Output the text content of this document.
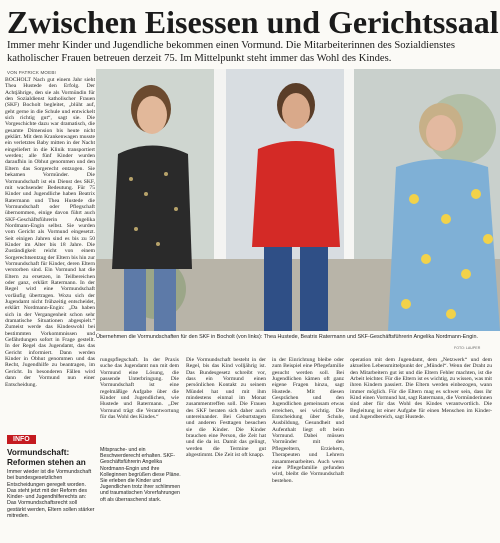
Zwischen Eisessen und Gerichtssaal

Immer mehr Kinder und Jugendliche bekommen einen Vormund. Die Mitarbeiterinnen des Sozialdienstes katholischer Frauen betreuen derzeit 75. Im Mittelpunkt steht immer das Wohl des Kindes.

VON PATRICK MOEBI
BOCHOLT Nach gut einem Jahr sieht Thea Hustede den Erfolg. Der Achtjährige, den sie als Vormündin für den Sozialdienst katholischer Frauen (SKF) Bocholt begleitet, „blüht auf, geht gerne in die Schule und entwickelt sich richtig gut“, sagt sie. Die Vorgeschichte dazu war dramatisch, die gesamte Dimension bis heute nicht geklärt. Mit dem Krankenwagen musste ein verletztes Baby mitten in der Nacht eingeliefert in die Klinik transportiert werden; alle fünf Kinder wurden daraufhin in Obhut genommen und den Eltern das Sorgerecht entzogen. Sie bekamen Vormünder. Die Vormundschaft ist ein Dienst des SKF, mit wachsender Bedeutung. Für 75 Kinder und Jugendliche haben Beatrix Ratermann und Thea Hustede die Vormundschaft oder Pflegschaft übernommen, einige davon führt auch SKF-Geschäftsführerin Angelika Nordmann-Engin selbst. Sie wurden vom Gericht als Vormund eingesetzt. Seit einigen Jahren sind es bis zu 50 Kinder im Alter bis 18 Jahre. Die Zuständigkeit reicht von einem Sorgerechtsentzug der Eltern bis hin zur Vormundschaft für Kinder, deren Eltern verstorben sind. Ein Vormund hat die Eltern zu ersetzen, in Teilbereichen oder ganz, erklärt Ratermann. In der Regel wird eine Vormundschaft vorläufig übertragen. Wozu sich der Jugendamt nicht frühzeitig entscheidet, erklärt Nordmann-Engin: „Da haben sich in der Vergangenheit schon sehr dramatische Situationen abgespielt.“ Zumeist werde das Kindeswohl bei bestimmten Vorkommnissen und Gefährdungen sofort in Frage gestellt. In der Regel das Jugendamt, das das Gericht informiert. Dann werden Kinder in Obhut genommen und das Recht, Jugendhilfe zu beantragen, im Gericht. In besonderen Fällen wird dann der Vormund nun einer Entscheidung.

Übernehmen die Vormundschaften für den SKF in Bocholt (von links): Thea Hustede, Beatrix Ratermann und SKF-Geschäftsführerin Angelika Nordmann-Engin.

FOTO: LAUPER
rungspflegschaft. In der Praxis suche das Jugendamt nun mit dem Vormund eine Lösung, die passende Unterbringung. Die Vormundschaft ist eine regelmäßige Aufgabe über die Kinder und Jugendlichen, wie Hustede und Ratermann. „Der Vormund trägt die Verantwortung für das Wohl des Kindes.“
Die Vormundschaft besteht in der Regel, bis das Kind volljährig ist. Das Bundesgesetz schreibt vor, dass ein Vormund einen persönlichen Kontakt zu seinem Mündel hat und mit ihm mindestens einmal im Monat zusammentreffen soll. Die Frauen des SKF beraten sich daher auch untereinander. Bei Geburtstagen und anderen Festtagen besuchen sie die Kinder. Die Kinder brauchen eine Person, die Zeit hat und die da ist. Damit das gelingt, werden die Termine gut abgestimmt. Die Zeit ist oft knapp.
in der Einrichtung bleibe oder zum Beispiel eine Pflegefamilie gesucht werden soll. Bei Jugendlichen kämen oft ganz eigene Fragen hinzu, sagt Hustede. Mit diesen Gesprächen und den Jugendlichen gemeinsam etwas erreichen, sei wichtig. Die Entscheidung über Schule, Ausbildung, Gesundheit und Aufenthalt liegt oft beim Vormund. Dabei müssen Vormünder mit den Pflegeeltern, Erziehern, Therapeuten und Lehrern zusammenarbeiten. Auch wenn eine Pflegefamilie gefunden wird, bleibt die Vormundschaft bestehen.
operation mit dem Jugendamt, dem „Netzwerk“ und dem aktuellen Lebensmittelpunkt der „Mündel“. Wenn der Draht zu den Mitarbeitern gut ist und die Eltern Fehler machten, ist die Arbeit leichter. Für die Eltern ist es wichtig, zu wissen, was mit ihren Kindern passiert. Die Eltern werden einbezogen, wann immer möglich. Für die Eltern mag es schwer sein, dass ihr Kind einen Vormund hat, sagt Ratermann, die Vormünderinnen sind aber für das Wohl des Kindes verantwortlich. Die Begleitung ist einer Aufgabe für einen Menschen im Kinder- und Jugendbereich, sagt Hustede.
INFO
Vormundschaft: Reformen stehen an

Immer wieder ist die Vormundschaft bei bundesgesetzlichen Entscheidungen geregelt worden. Das steht jetzt mit der Reform des Kinder- und Jugendhilferechts an: Das Vormundschaftsrecht soll gestärkt werden, Eltern sollen stärker mitreden.

Mitsprache- und ein Beschwerderecht erhalten. SKF-Geschäftsführerin Angelika Nordmann-Engin und ihre Kolleginnen begrüßen diese Pläne. Sie erleben die Kinder und Jugendlichen trotz ihrer schlimmen und traumatischen Vorerfahrungen oft als überraschend stark.
